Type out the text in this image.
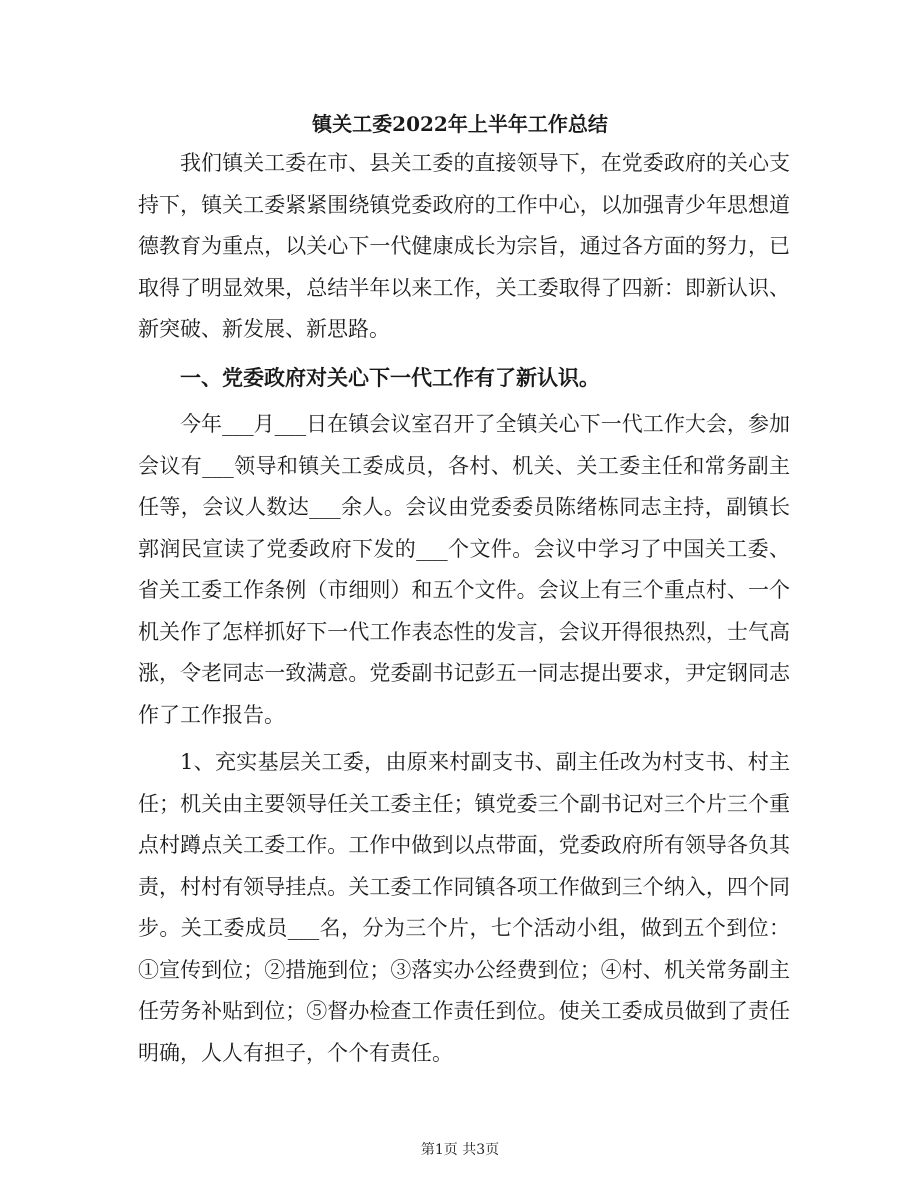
镇关工委2022年上半年工作总结

我们镇关工委在市、县关工委的直接领导下，在党委政府的关心支持下，镇关工委紧紧围绕镇党委政府的工作中心，以加强青少年思想道德教育为重点，以关心下一代健康成长为宗旨，通过各方面的努力，已取得了明显效果，总结半年以来工作，关工委取得了四新：即新认识、新突破、新发展、新思路。

一、党委政府对关心下一代工作有了新认识。

今年___月___日在镇会议室召开了全镇关心下一代工作大会，参加会议有___领导和镇关工委成员，各村、机关、关工委主任和常务副主任等，会议人数达___余人。会议由党委委员陈绪栋同志主持，副镇长郭润民宣读了党委政府下发的___个文件。会议中学习了中国关工委、省关工委工作条例（市细则）和五个文件。会议上有三个重点村、一个机关作了怎样抓好下一代工作表态性的发言，会议开得很热烈，士气高涨，令老同志一致满意。党委副书记彭五一同志提出要求，尹定钢同志作了工作报告。

1、充实基层关工委，由原来村副支书、副主任改为村支书、村主任；机关由主要领导任关工委主任；镇党委三个副书记对三个片三个重点村蹲点关工委工作。工作中做到以点带面，党委政府所有领导各负其责，村村有领导挂点。关工委工作同镇各项工作做到三个纳入，四个同步。关工委成员___名，分为三个片，七个活动小组，做到五个到位：①宣传到位；②措施到位；③落实办公经费到位；④村、机关常务副主任劳务补贴到位；⑤督办检查工作责任到位。使关工委成员做到了责任明确，人人有担子，个个有责任。

第1页 共3页
